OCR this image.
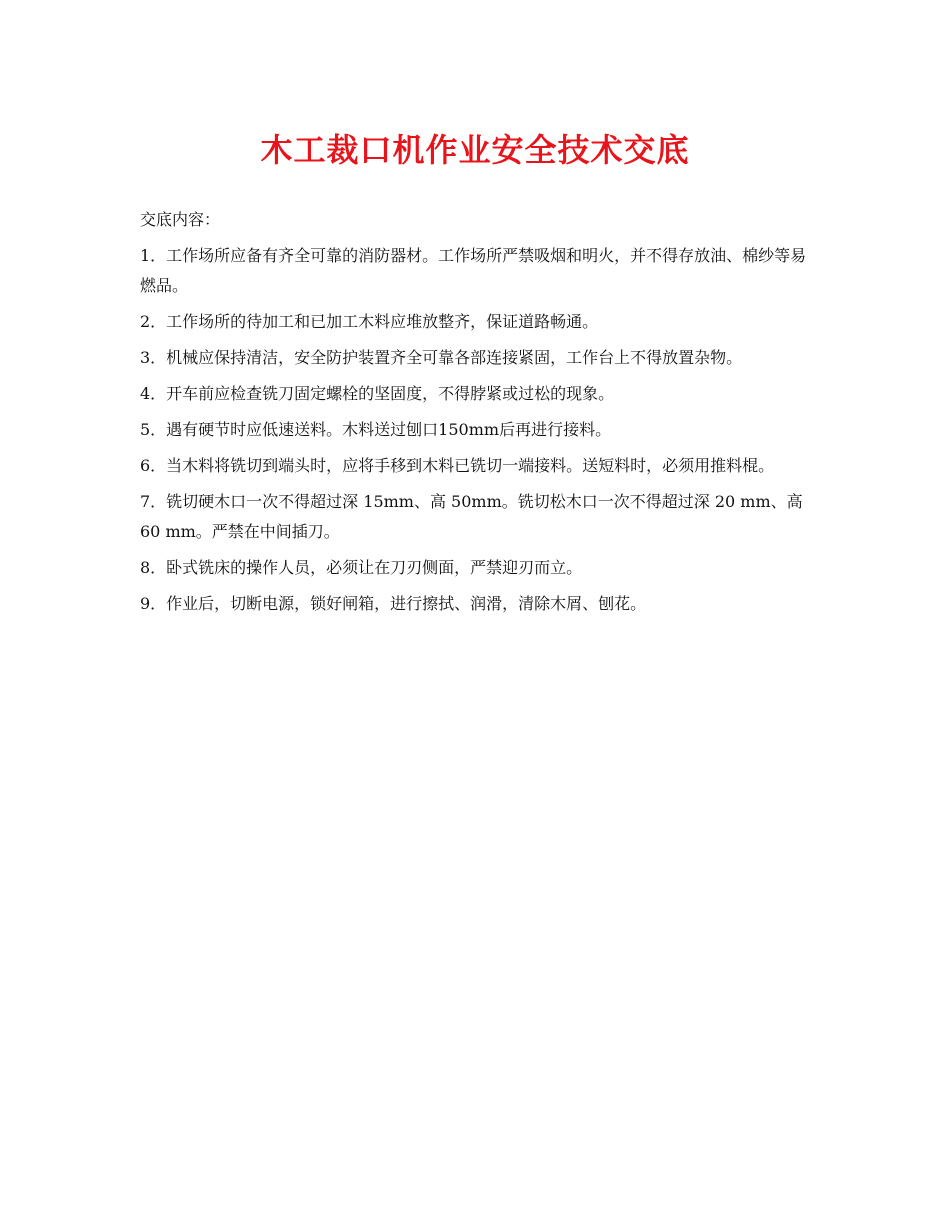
木工裁口机作业安全技术交底

交底内容：

1．工作场所应备有齐全可靠的消防器材。工作场所严禁吸烟和明火，并不得存放油、棉纱等易燃品。

2．工作场所的待加工和已加工木料应堆放整齐，保证道路畅通。

3．机械应保持清洁，安全防护装置齐全可靠各部连接紧固，工作台上不得放置杂物。

4．开车前应检查铣刀固定螺栓的坚固度，不得脖紧或过松的现象。

5．遇有硬节时应低速送料。木料送过刨口150mm后再进行接料。

6．当木料将铣切到端头时，应将手移到木料已铣切一端接料。送短料时，必须用推料棍。

7．铣切硬木口一次不得超过深 15mm、高 50mm。铣切松木口一次不得超过深 20 mm、高60 mm。严禁在中间插刀。

8．卧式铣床的操作人员，必须让在刀刃侧面，严禁迎刃而立。

9．作业后，切断电源，锁好闸箱，进行擦拭、润滑，清除木屑、刨花。
